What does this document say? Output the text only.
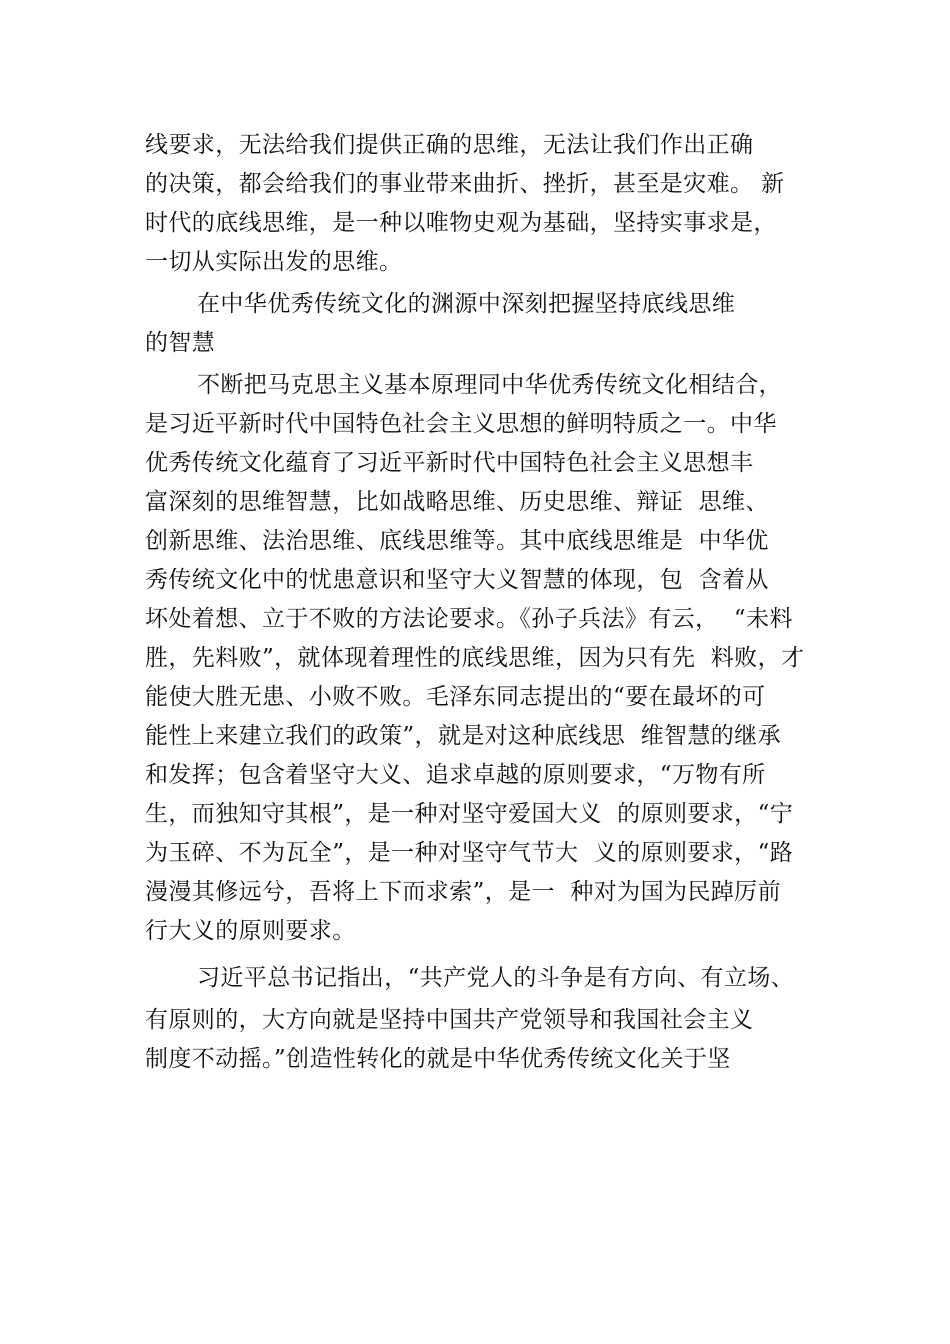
线要求，无法给我们提供正确的思维，无法让我们作出正确
的决策，都会给我们的事业带来曲折、挫折，甚至是灾难。 新
时代的底线思维，是一种以唯物史观为基础，坚持实事求是，
一切从实际出发的思维。
在中华优秀传统文化的渊源中深刻把握坚持底线思维
的智慧
不断把马克思主义基本原理同中华优秀传统文化相结合，
是习近平新时代中国特色社会主义思想的鲜明特质之一。中华
优秀传统文化蕴育了习近平新时代中国特色社会主义思想丰
富深刻的思维智慧，比如战略思维、历史思维、辩证  思维、
创新思维、法治思维、底线思维等。其中底线思维是  中华优
秀传统文化中的忧患意识和坚守大义智慧的体现，包  含着从
坏处着想、立于不败的方法论要求。《孙子兵法》有云，  “未料
胜，先料败”，就体现着理性的底线思维，因为只有先  料败，才
能使大胜无患、小败不败。毛泽东同志提出的“要在最坏的可
能性上来建立我们的政策”，就是对这种底线思  维智慧的继承
和发挥；包含着坚守大义、追求卓越的原则要求，“万物有所
生，而独知守其根”，是一种对坚守爱国大义  的原则要求，“宁
为玉碎、不为瓦全”，是一种对坚守气节大  义的原则要求，“路
漫漫其修远兮，吾将上下而求索”，是一  种对为国为民踔厉前
行大义的原则要求。
习近平总书记指出，“共产党人的斗争是有方向、有立场、
有原则的，大方向就是坚持中国共产党领导和我国社会主义
制度不动摇。”创造性转化的就是中华优秀传统文化关于坚
